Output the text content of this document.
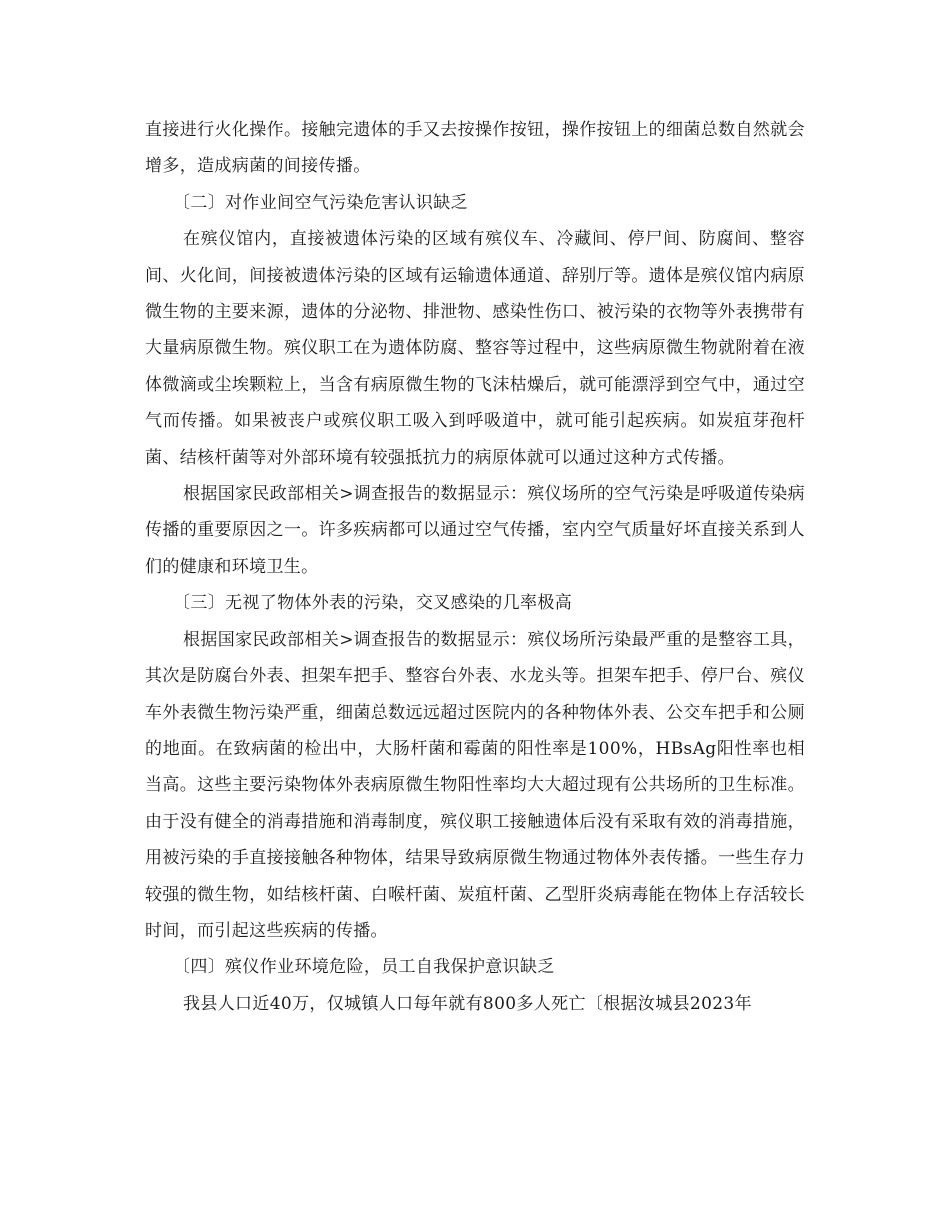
直接进行火化操作。接触完遗体的手又去按操作按钮，操作按钮上的细菌总数自然就会增多，造成病菌的间接传播。

〔二〕对作业间空气污染危害认识缺乏

在殡仪馆内，直接被遗体污染的区域有殡仪车、冷藏间、停尸间、防腐间、整容间、火化间，间接被遗体污染的区域有运输遗体通道、辞别厅等。遗体是殡仪馆内病原微生物的主要来源，遗体的分泌物、排泄物、感染性伤口、被污染的衣物等外表携带有大量病原微生物。殡仪职工在为遗体防腐、整容等过程中，这些病原微生物就附着在液体微滴或尘埃颗粒上，当含有病原微生物的飞沫枯燥后，就可能漂浮到空气中，通过空气而传播。如果被丧户或殡仪职工吸入到呼吸道中，就可能引起疾病。如炭疽芽孢杆菌、结核杆菌等对外部环境有较强抵抗力的病原体就可以通过这种方式传播。

根据国家民政部相关>调查报告的数据显示：殡仪场所的空气污染是呼吸道传染病传播的重要原因之一。许多疾病都可以通过空气传播，室内空气质量好坏直接关系到人们的健康和环境卫生。

〔三〕无视了物体外表的污染，交叉感染的几率极高

根据国家民政部相关>调查报告的数据显示：殡仪场所污染最严重的是整容工具，其次是防腐台外表、担架车把手、整容台外表、水龙头等。担架车把手、停尸台、殡仪车外表微生物污染严重，细菌总数远远超过医院内的各种物体外表、公交车把手和公厕的地面。在致病菌的检出中，大肠杆菌和霉菌的阳性率是100%，HBsAg阳性率也相当高。这些主要污染物体外表病原微生物阳性率均大大超过现有公共场所的卫生标准。由于没有健全的消毒措施和消毒制度，殡仪职工接触遗体后没有采取有效的消毒措施，用被污染的手直接接触各种物体，结果导致病原微生物通过物体外表传播。一些生存力较强的微生物，如结核杆菌、白喉杆菌、炭疽杆菌、乙型肝炎病毒能在物体上存活较长时间，而引起这些疾病的传播。

〔四〕殡仪作业环境危险，员工自我保护意识缺乏

我县人口近40万，仅城镇人口每年就有800多人死亡〔根据汝城县2023年
